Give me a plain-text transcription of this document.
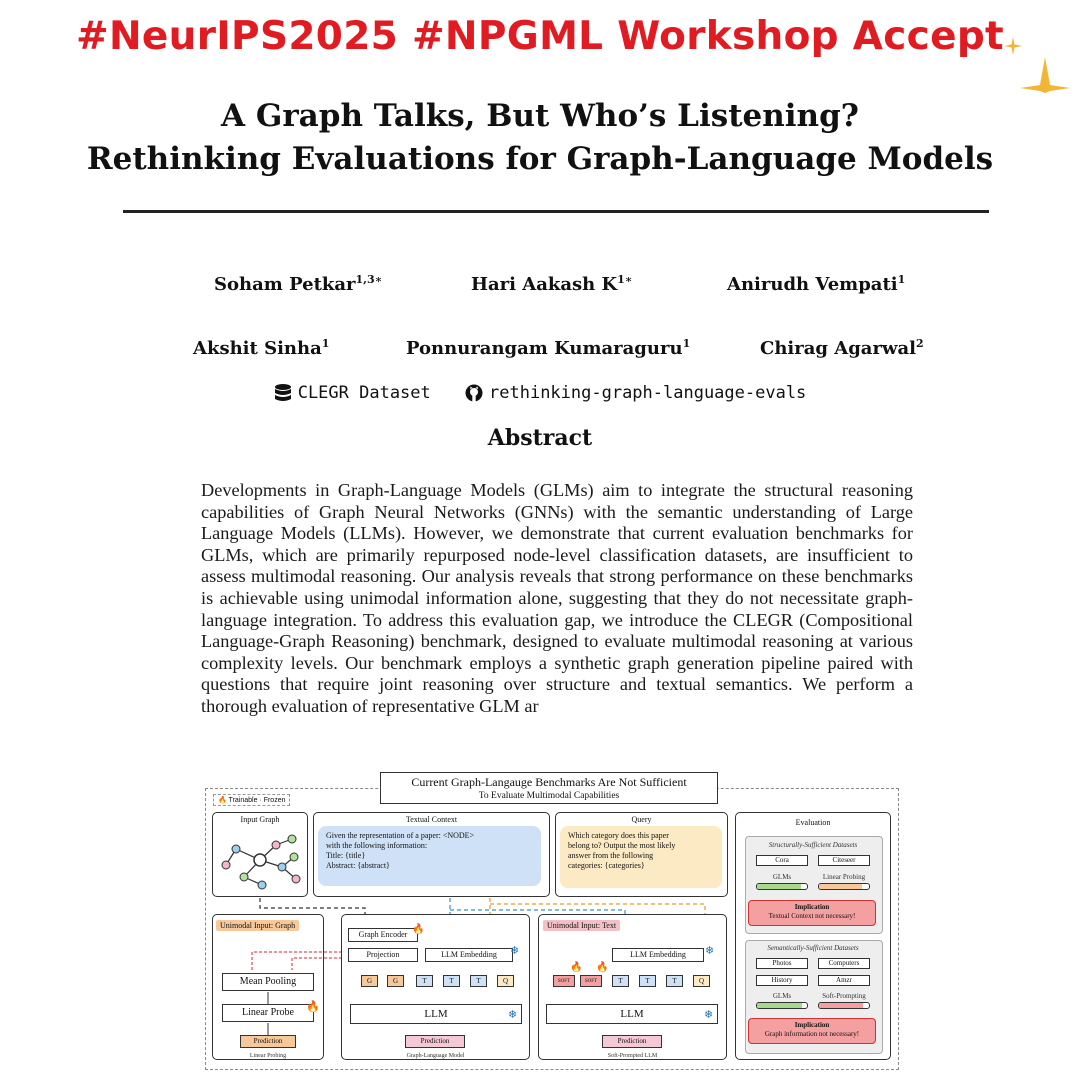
#NeurIPS2025 #NPGML Workshop Accept
A Graph Talks, But Who’s Listening?
Rethinking Evaluations for Graph-Language Models
Soham Petkar$^{1,3∗}$	Hari Aakash $K^{1∗}$	Anirudh Vempati$^1$
Akshit Sinha$^1$	Ponnurangam Kumaraguru$^1$	Chirag Agarwal$^2$
CLEGR Dataset	rethinking-graph-language-evals
Abstract
Developments in Graph-Language Models (GLMs) aim to integrate the structural reasoning capabilities of Graph Neural Networks (GNNs) with the semantic understanding of Large Language Models (LLMs). However, we demonstrate that current evaluation benchmarks for GLMs, which are primarily repurposed node-level classification datasets, are insufficient to assess multimodal reasoning. Our analysis reveals that strong performance on these benchmarks is achievable using unimodal information alone, suggesting that they do not necessitate graph-language integration. To address this evaluation gap, we introduce the CLEGR (Compositional Language-Graph Reasoning) benchmark, designed to evaluate multimodal reasoning at various complexity levels. Our benchmark employs a synthetic graph generation pipeline paired with questions that require joint reasoning over structure and textual semantics. We perform a thorough evaluation of representative GLM ar
Current Graph-Langauge Benchmarks Are Not Sufficient
To Evaluate Multimodal Capabilities
🔥 Trainable · Frozen
Input Graph	Textual Context
Given the representation of a paper: <NODE>
with the following information:
Title: {title}
Abstract: {abstract}
Query
Which category does this paper
belong to? Output the most likely
answer from the following
categories: {categories}
Unimodal Input: Graph
Mean Pooling
Linear Probe
Prediction
Linear Probing
🔥
Graph Encoder
Projection	LLM Embedding
🔥
❄
G	G	T	T	T	Q
LLM	❄
Prediction
Graph-Language Model
Unimodal Input: Text
LLM Embedding	❄
SOFT	SOFT	T	T	T	Q
🔥 🔥
LLM	❄
Prediction
Soft-Prompted LLM
Evaluation
Structurally-Sufficient Datasets
Cora	Citeseer
GLMs	Linear Probing
Implication
Textual Context not necessary!
Semantically-Sufficient Datasets
Photos	Computers
History	Amzr
GLMs	Soft-Prompting
Implication
Graph information not necessary!
